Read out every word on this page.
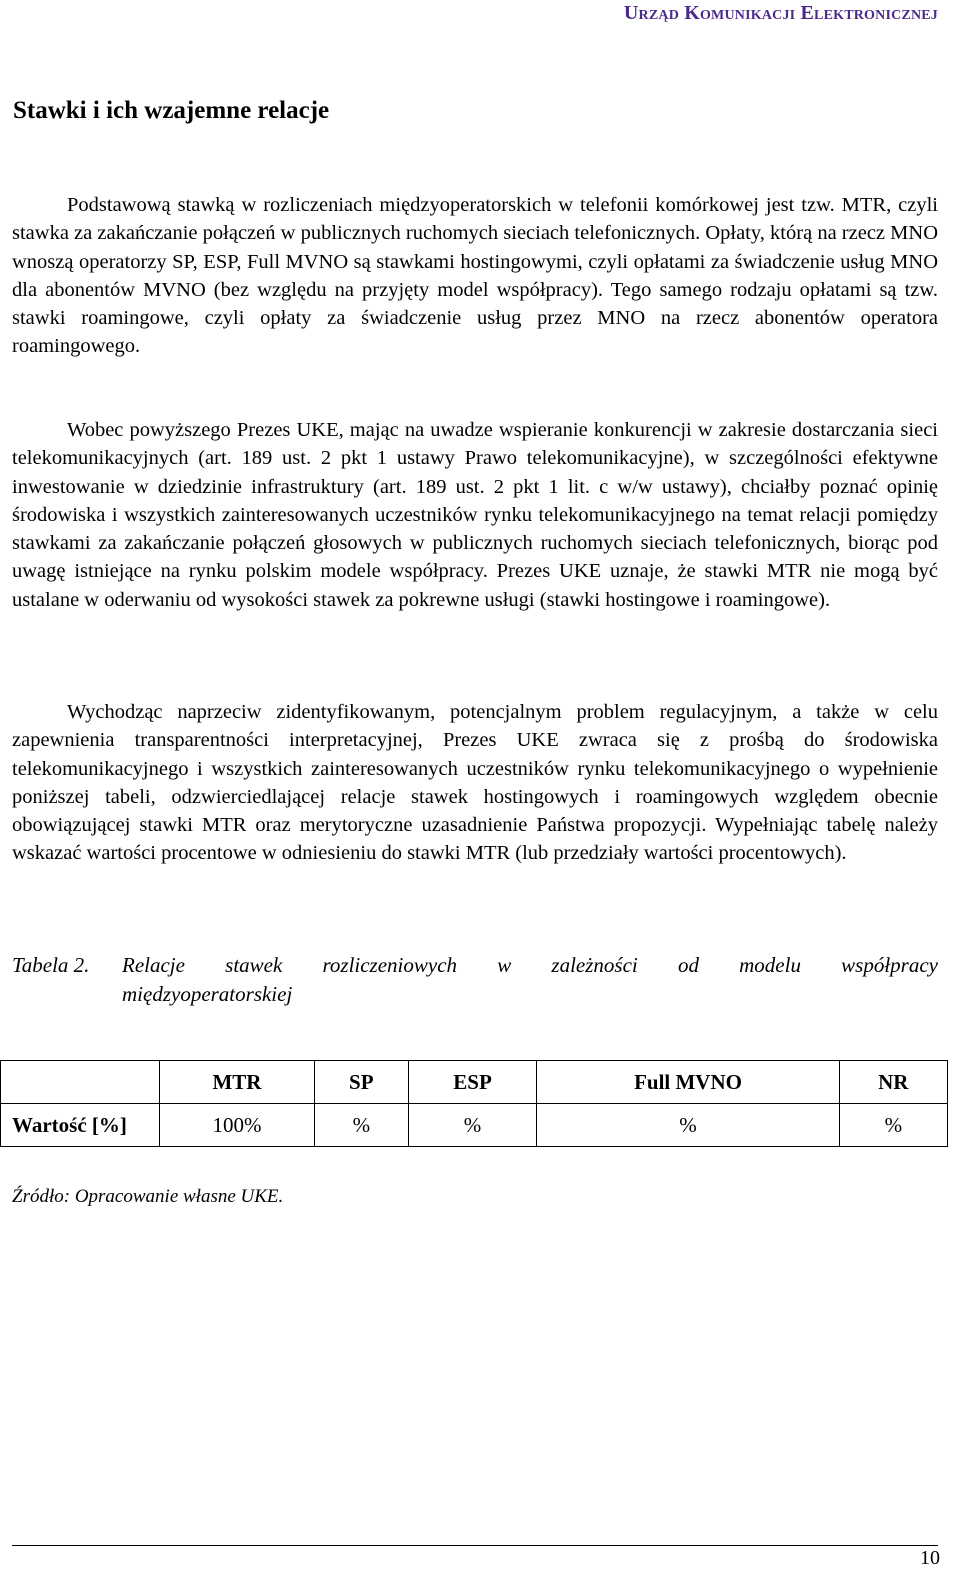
Urząd Komunikacji Elektronicznej
Stawki i ich wzajemne relacje

Podstawową stawką w rozliczeniach międzyoperatorskich w telefonii komórkowej jest tzw. MTR, czyli stawka za zakańczanie połączeń w publicznych ruchomych sieciach telefonicznych. Opłaty, którą na rzecz MNO wnoszą operatorzy SP, ESP, Full MVNO są stawkami hostingowymi, czyli opłatami za świadczenie usług MNO dla abonentów MVNO (bez względu na przyjęty model współpracy). Tego samego rodzaju opłatami są tzw. stawki roamingowe, czyli opłaty za świadczenie usług przez MNO na rzecz abonentów operatora roamingowego.

Wobec powyższego Prezes UKE, mając na uwadze wspieranie konkurencji w zakresie dostarczania sieci telekomunikacyjnych (art. 189 ust. 2 pkt 1 ustawy Prawo telekomunikacyjne), w szczególności efektywne inwestowanie w dziedzinie infrastruktury (art. 189 ust. 2 pkt 1 lit. c w/w ustawy), chciałby poznać opinię środowiska i wszystkich zainteresowanych uczestników rynku telekomunikacyjnego na temat relacji pomiędzy stawkami za zakańczanie połączeń głosowych w publicznych ruchomych sieciach telefonicznych, biorąc pod uwagę istniejące na rynku polskim modele współpracy. Prezes UKE uznaje, że stawki MTR nie mogą być ustalane w oderwaniu od wysokości stawek za pokrewne usługi (stawki hostingowe i roamingowe).

Wychodząc naprzeciw zidentyfikowanym, potencjalnym problem regulacyjnym, a także w celu zapewnienia transparentności interpretacyjnej, Prezes UKE zwraca się z prośbą do środowiska telekomunikacyjnego i wszystkich zainteresowanych uczestników rynku telekomunikacyjnego o wypełnienie poniższej tabeli, odzwierciedlającej relacje stawek hostingowych i roamingowych względem obecnie obowiązującej stawki MTR oraz merytoryczne uzasadnienie Państwa propozycji. Wypełniając tabelę należy wskazać wartości procentowe w odniesieniu do stawki MTR (lub przedziały wartości procentowych).

Tabela 2.	Relacje stawek rozliczeniowych w zależności od modelu współpracy
międzyoperatorskiej
	MTR	SP	ESP	Full MVNO	NR
Wartość [%]	100%	%	%	%	%
Źródło: Opracowanie własne UKE.
10
